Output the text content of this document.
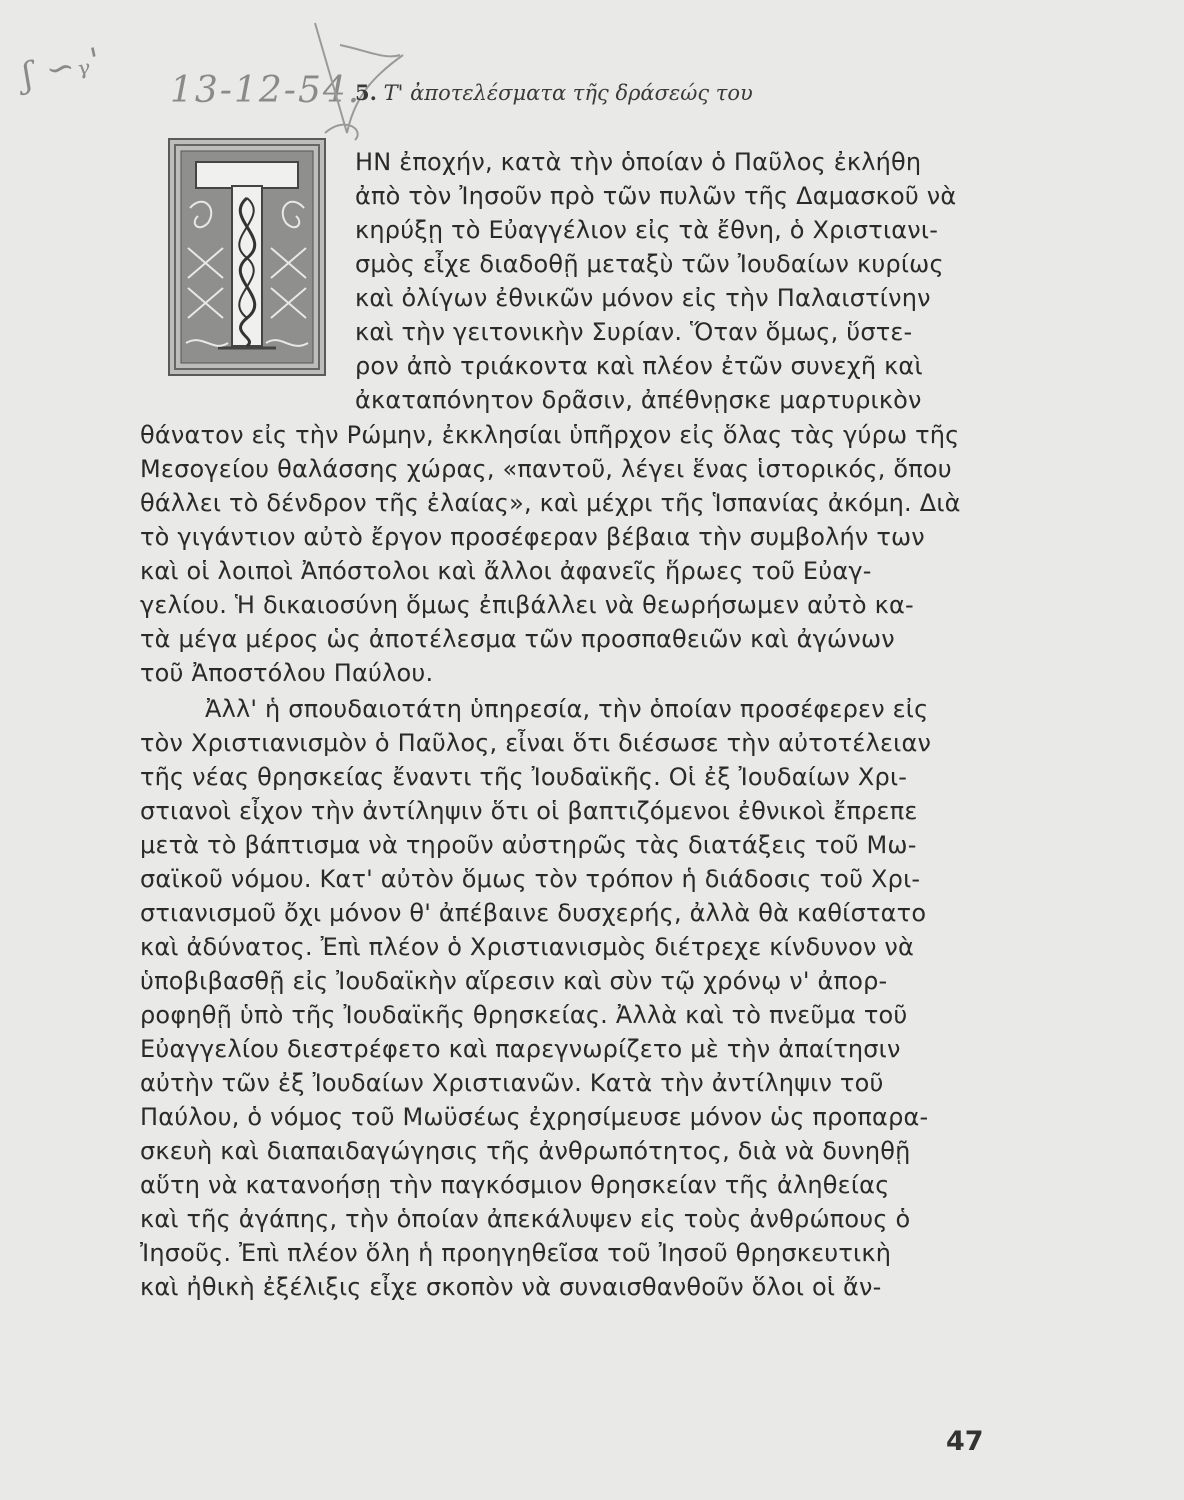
ʃ ∽ᵧ' 13-12-54.
5. Τ' ἀποτελέσματα τῆς δράσεώς του
ΗΝ ἐποχήν, κατὰ τὴν ὁποίαν ὁ Παῦλος ἐκλήθη
ἀπὸ τὸν Ἰησοῦν πρὸ τῶν πυλῶν τῆς Δαμασκοῦ νὰ
κηρύξῃ τὸ Εὐαγγέλιον εἰς τὰ ἔθνη, ὁ Χριστιανι-
σμὸς εἶχε διαδοθῇ μεταξὺ τῶν Ἰουδαίων κυρίως
καὶ ὀλίγων ἐθνικῶν μόνον εἰς τὴν Παλαιστίνην
καὶ τὴν γειτονικὴν Συρίαν. Ὅταν ὅμως, ὕστε-
ρον ἀπὸ τριάκοντα καὶ πλέον ἐτῶν συνεχῆ καὶ
ἀκαταπόνητον δρᾶσιν, ἀπέθνῃσκε μαρτυρικὸν
θάνατον εἰς τὴν Ρώμην, ἐκκλησίαι ὑπῆρχον εἰς ὅλας τὰς γύρω τῆς
Μεσογείου θαλάσσης χώρας, «παντοῦ, λέγει ἕνας ἱστορικός, ὅπου
θάλλει τὸ δένδρον τῆς ἐλαίας», καὶ μέχρι τῆς Ἱσπανίας ἀκόμη. Διὰ
τὸ γιγάντιον αὐτὸ ἔργον προσέφεραν βέβαια τὴν συμβολήν των
καὶ οἱ λοιποὶ Ἀπόστολοι καὶ ἄλλοι ἀφανεῖς ἥρωες τοῦ Εὐαγ-
γελίου. Ἡ δικαιοσύνη ὅμως ἐπιβάλλει νὰ θεωρήσωμεν αὐτὸ κα-
τὰ μέγα μέρος ὡς ἀποτέλεσμα τῶν προσπαθειῶν καὶ ἀγώνων
τοῦ Ἀποστόλου Παύλου.
Ἀλλ' ἡ σπουδαιοτάτη ὑπηρεσία, τὴν ὁποίαν προσέφερεν εἰς
τὸν Χριστιανισμὸν ὁ Παῦλος, εἶναι ὅτι διέσωσε τὴν αὐτοτέλειαν
τῆς νέας θρησκείας ἔναντι τῆς Ἰουδαϊκῆς. Οἱ ἐξ Ἰουδαίων Χρι-
στιανοὶ εἶχον τὴν ἀντίληψιν ὅτι οἱ βαπτιζόμενοι ἐθνικοὶ ἔπρεπε
μετὰ τὸ βάπτισμα νὰ τηροῦν αὐστηρῶς τὰς διατάξεις τοῦ Μω-
σαϊκοῦ νόμου. Κατ' αὐτὸν ὅμως τὸν τρόπον ἡ διάδοσις τοῦ Χρι-
στιανισμοῦ ὄχι μόνον θ' ἀπέβαινε δυσχερής, ἀλλὰ θὰ καθίστατο
καὶ ἀδύνατος. Ἐπὶ πλέον ὁ Χριστιανισμὸς διέτρεχε κίνδυνον νὰ
ὑποβιβασθῇ εἰς Ἰουδαϊκὴν αἵρεσιν καὶ σὺν τῷ χρόνῳ ν' ἀπορ-
ροφηθῇ ὑπὸ τῆς Ἰουδαϊκῆς θρησκείας. Ἀλλὰ καὶ τὸ πνεῦμα τοῦ
Εὐαγγελίου διεστρέφετο καὶ παρεγνωρίζετο μὲ τὴν ἀπαίτησιν
αὐτὴν τῶν ἐξ Ἰουδαίων Χριστιανῶν. Κατὰ τὴν ἀντίληψιν τοῦ
Παύλου, ὁ νόμος τοῦ Μωϋσέως ἐχρησίμευσε μόνον ὡς προπαρα-
σκευὴ καὶ διαπαιδαγώγησις τῆς ἀνθρωπότητος, διὰ νὰ δυνηθῇ
αὕτη νὰ κατανοήσῃ τὴν παγκόσμιον θρησκείαν τῆς ἀληθείας
καὶ τῆς ἀγάπης, τὴν ὁποίαν ἀπεκάλυψεν εἰς τοὺς ἀνθρώπους ὁ
Ἰησοῦς. Ἐπὶ πλέον ὅλη ἡ προηγηθεῖσα τοῦ Ἰησοῦ θρησκευτικὴ
καὶ ἠθικὴ ἐξέλιξις εἶχε σκοπὸν νὰ συναισθανθοῦν ὅλοι οἱ ἄν-
47
